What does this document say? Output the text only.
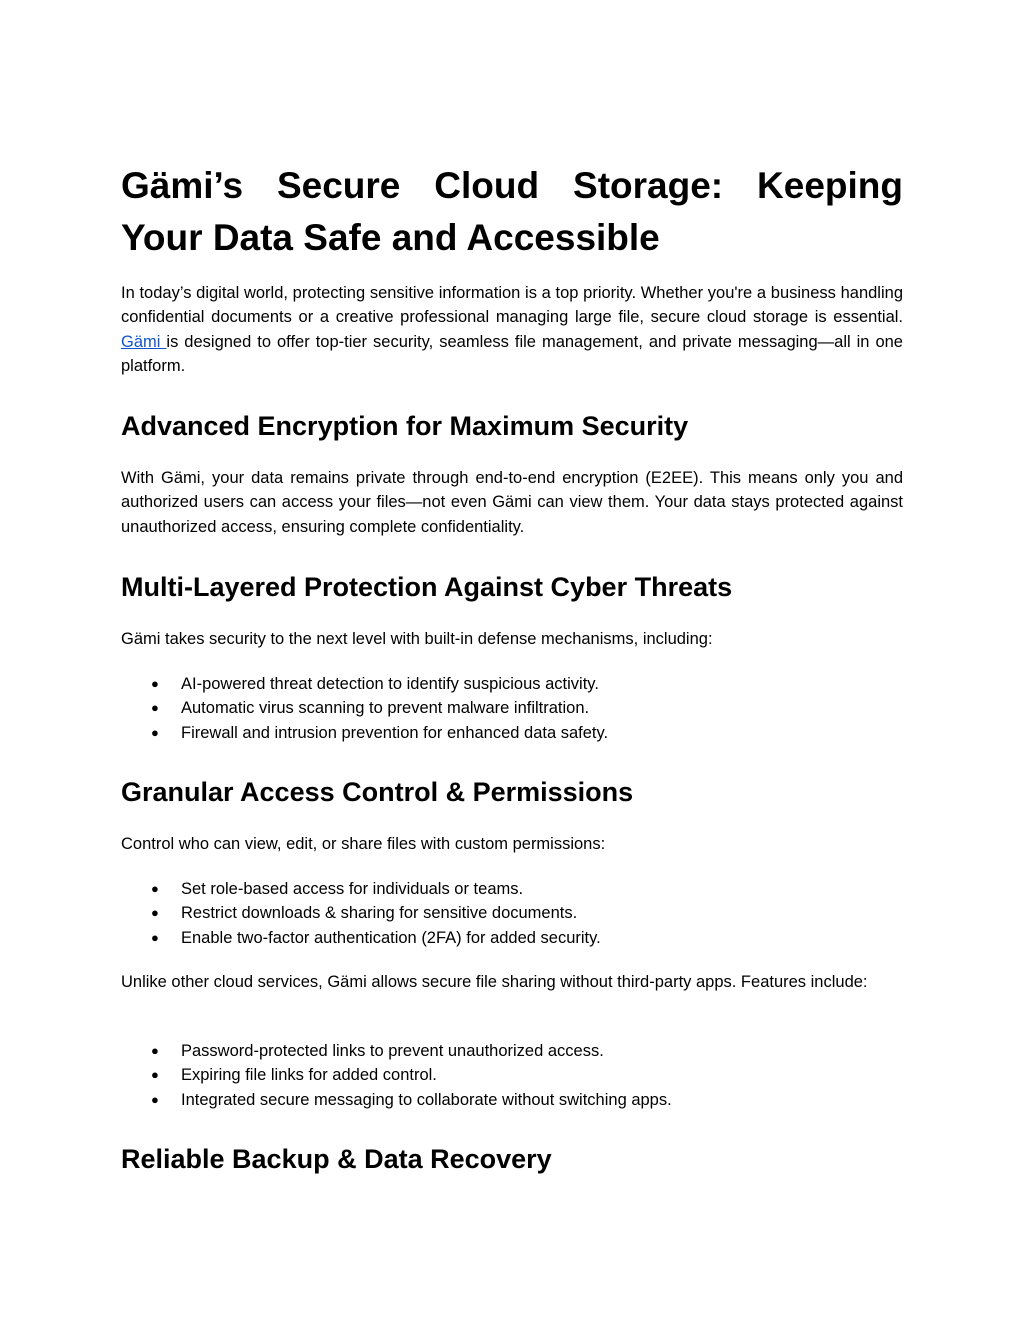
Gämi’s Secure Cloud Storage: Keeping
Your Data Safe and Accessible

In today’s digital world, protecting sensitive information is a top priority. Whether you're a business handling confidential documents or a creative professional managing large file, secure cloud storage is essential. Gämi is designed to offer top-tier security, seamless file management, and private messaging—all in one platform.

Advanced Encryption for Maximum Security

With Gämi, your data remains private through end-to-end encryption (E2EE). This means only you and authorized users can access your files—not even Gämi can view them. Your data stays protected against unauthorized access, ensuring complete confidentiality.

Multi-Layered Protection Against Cyber Threats

Gämi takes security to the next level with built-in defense mechanisms, including:

● AI-powered threat detection to identify suspicious activity.
● Automatic virus scanning to prevent malware infiltration.
● Firewall and intrusion prevention for enhanced data safety.
Granular Access Control & Permissions

Control who can view, edit, or share files with custom permissions:

● Set role-based access for individuals or teams.
● Restrict downloads & sharing for sensitive documents.
● Enable two-factor authentication (2FA) for added security.

Unlike other cloud services, Gämi allows secure file sharing without third-party apps. Features include:

● Password-protected links to prevent unauthorized access.
● Expiring file links for added control.
● Integrated secure messaging to collaborate without switching apps.
Reliable Backup & Data Recovery
